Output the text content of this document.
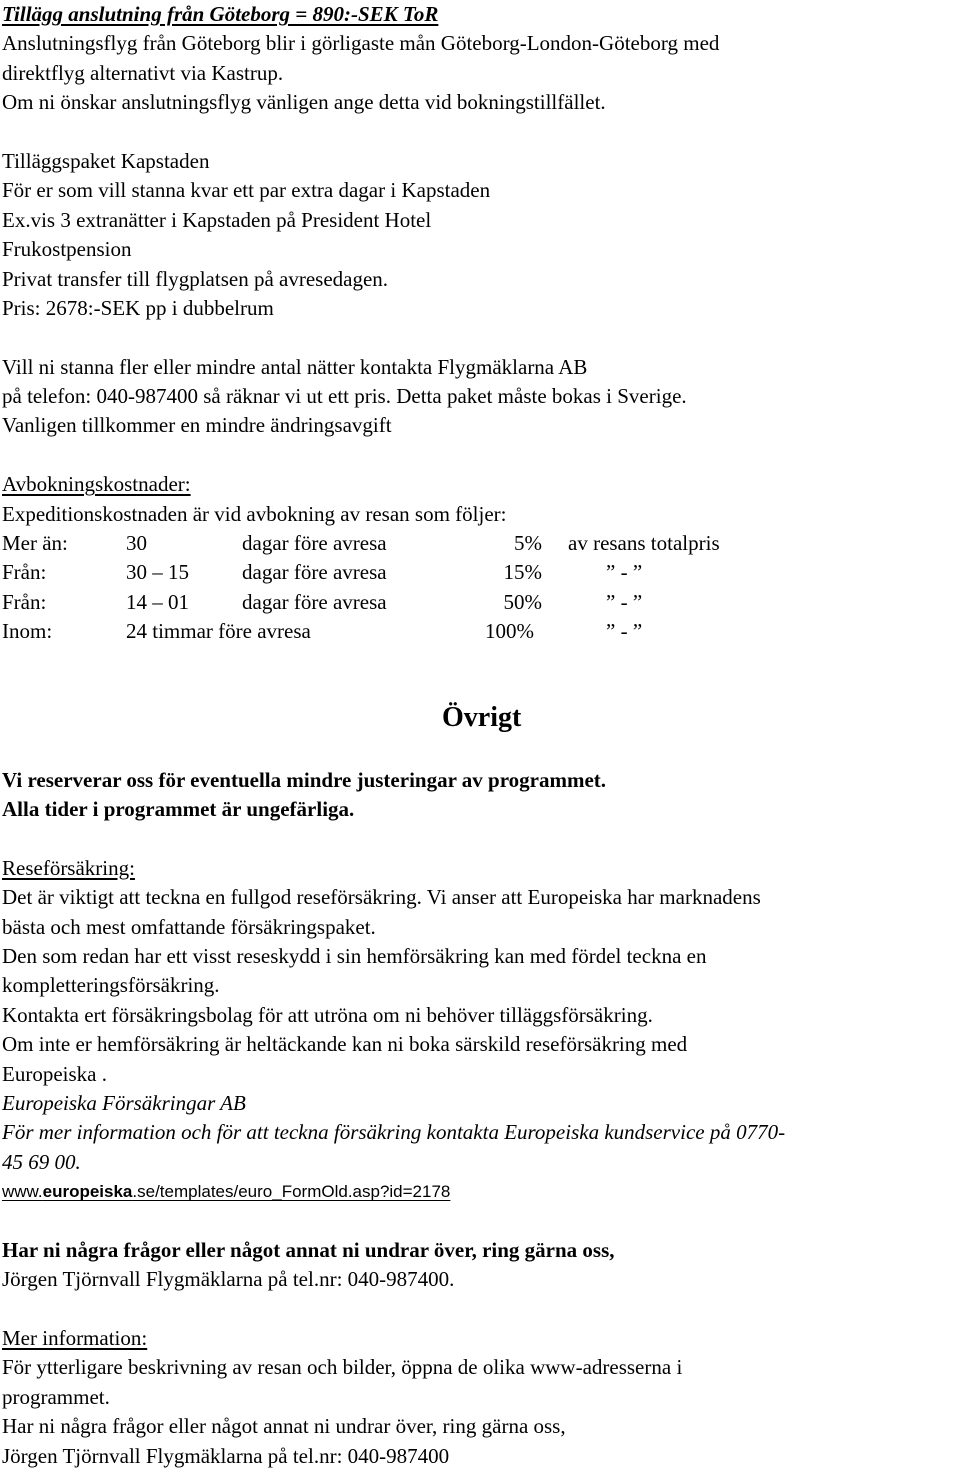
Tillägg anslutning från Göteborg = 890:-SEK ToR
Anslutningsflyg från Göteborg blir i görligaste mån Göteborg-London-Göteborg med
direktflyg alternativt via Kastrup.
Om ni önskar anslutningsflyg vänligen ange detta vid bokningstillfället.
Tilläggspaket Kapstaden
För er som vill stanna kvar ett par extra dagar i Kapstaden
Ex.vis 3 extranätter i Kapstaden på President Hotel
Frukostpension
Privat transfer till flygplatsen på avresedagen.
Pris: 2678:-SEK pp i dubbelrum
Vill ni stanna fler eller mindre antal nätter kontakta Flygmäklarna AB
på telefon: 040-987400 så räknar vi ut ett pris. Detta paket måste bokas i Sverige.
Vanligen tillkommer en mindre ändringsavgift
Avbokningskostnader:
Expeditionskostnaden är vid avbokning av resan som följer:
Mer än:	30	dagar före avresa	5% av resans totalpris
Från:	30 – 15	dagar före avresa	15%	” - ”
Från:	14 – 01	dagar före avresa	50%	” - ”
Inom:	24 timmar före avresa	100%	” - ”
Övrigt
Vi reserverar oss för eventuella mindre justeringar av programmet.
Alla tider i programmet är ungefärliga.
Reseförsäkring:
Det är viktigt att teckna en fullgod reseförsäkring. Vi anser att Europeiska har marknadens
bästa och mest omfattande försäkringspaket.
Den som redan har ett visst reseskydd i sin hemförsäkring kan med fördel teckna en
kompletteringsförsäkring.
Kontakta ert försäkringsbolag för att utröna om ni behöver tilläggsförsäkring.
Om inte er hemförsäkring är heltäckande kan ni boka särskild reseförsäkring med
Europeiska .
Europeiska Försäkringar AB
För mer information och för att teckna försäkring kontakta Europeiska kundservice på 0770-
45 69 00.
www.europeiska.se/templates/euro_FormOld.asp?id=2178
Har ni några frågor eller något annat ni undrar över, ring gärna oss,
Jörgen Tjörnvall Flygmäklarna på tel.nr: 040-987400.
Mer information:
För ytterligare beskrivning av resan och bilder, öppna de olika www-adresserna i
programmet.
Har ni några frågor eller något annat ni undrar över, ring gärna oss,
Jörgen Tjörnvall Flygmäklarna på tel.nr: 040-987400
